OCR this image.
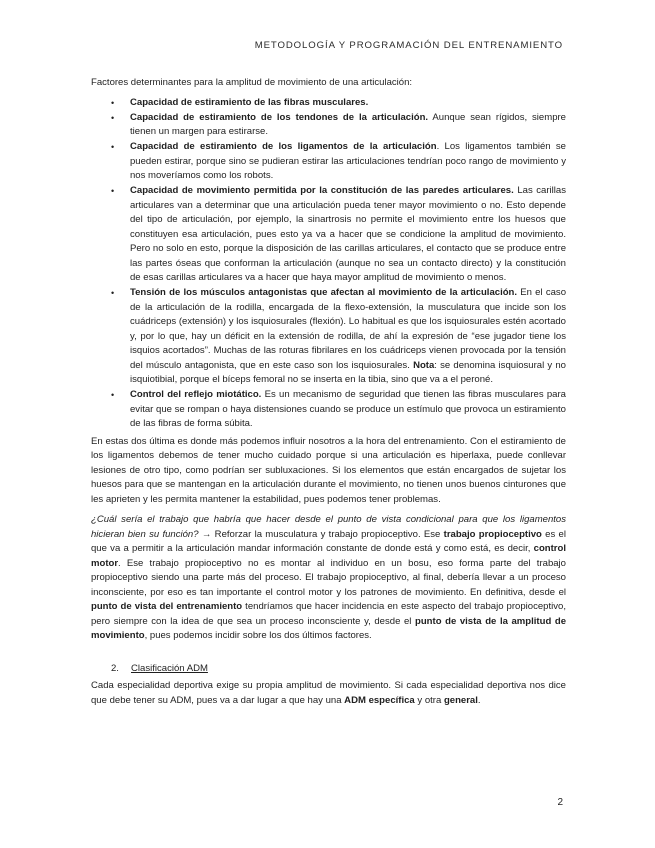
METODOLOGÍA Y PROGRAMACIÓN DEL ENTRENAMIENTO

Factores determinantes para la amplitud de movimiento de una articulación:

• Capacidad de estiramiento de las fibras musculares.
• Capacidad de estiramiento de los tendones de la articulación. Aunque sean rígidos, siempre tienen un margen para estirarse.
• Capacidad de estiramiento de los ligamentos de la articulación. Los ligamentos también se pueden estirar, porque sino se pudieran estirar las articulaciones tendrían poco rango de movimiento y nos moveríamos como los robots.
• Capacidad de movimiento permitida por la constitución de las paredes articulares. Las carillas articulares van a determinar que una articulación pueda tener mayor movimiento o no. Esto depende del tipo de articulación, por ejemplo, la sinartrosis no permite el movimiento entre los huesos que constituyen esa articulación, pues esto ya va a hacer que se condicione la amplitud de movimiento. Pero no solo en esto, porque la disposición de las carillas articulares, el contacto que se produce entre las partes óseas que conforman la articulación (aunque no sea un contacto directo) y la constitución de esas carillas articulares va a hacer que haya mayor amplitud de movimiento o menos.
• Tensión de los músculos antagonistas que afectan al movimiento de la articulación. En el caso de la articulación de la rodilla, encargada de la flexo-extensión, la musculatura que incide son los cuádriceps (extensión) y los isquiosurales (flexión). Lo habitual es que los isquiosurales estén acortado y, por lo que, hay un déficit en la extensión de rodilla, de ahí la expresión de “ese jugador tiene los isquios acortados”. Muchas de las roturas fibrilares en los cuádriceps vienen provocada por la tensión del músculo antagonista, que en este caso son los isquiosurales. Nota: se denomina isquiosural y no isquiotibial, porque el bíceps femoral no se inserta en la tibia, sino que va a el peroné.
• Control del reflejo miotático. Es un mecanismo de seguridad que tienen las fibras musculares para evitar que se rompan o haya distensiones cuando se produce un estímulo que provoca un estiramiento de las fibras de forma súbita.

En estas dos última es donde más podemos influir nosotros a la hora del entrenamiento. Con el estiramiento de los ligamentos debemos de tener mucho cuidado porque si una articulación es hiperlaxa, puede conllevar lesiones de otro tipo, como podrían ser subluxaciones. Si los elementos que están encargados de sujetar los huesos para que se mantengan en la articulación durante el movimiento, no tienen unos buenos cinturones que les aprieten y les permita mantener la estabilidad, pues podemos tener problemas.

¿Cuál sería el trabajo que habría que hacer desde el punto de vista condicional para que los ligamentos hicieran bien su función? → Reforzar la musculatura y trabajo propioceptivo. Ese trabajo propioceptivo es el que va a permitir a la articulación mandar información constante de donde está y como está, es decir, control motor. Ese trabajo propioceptivo no es montar al individuo en un bosu, eso forma parte del trabajo propioceptivo siendo una parte más del proceso. El trabajo propioceptivo, al final, debería llevar a un proceso inconsciente, por eso es tan importante el control motor y los patrones de movimiento. En definitiva, desde el punto de vista del entrenamiento tendríamos que hacer incidencia en este aspecto del trabajo propioceptivo, pero siempre con la idea de que sea un proceso inconsciente y, desde el punto de vista de la amplitud de movimiento, pues podemos incidir sobre los dos últimos factores.

2. Clasificación ADM

Cada especialidad deportiva exige su propia amplitud de movimiento. Si cada especialidad deportiva nos dice que debe tener su ADM, pues va a dar lugar a que hay una ADM específica y otra general.

2
